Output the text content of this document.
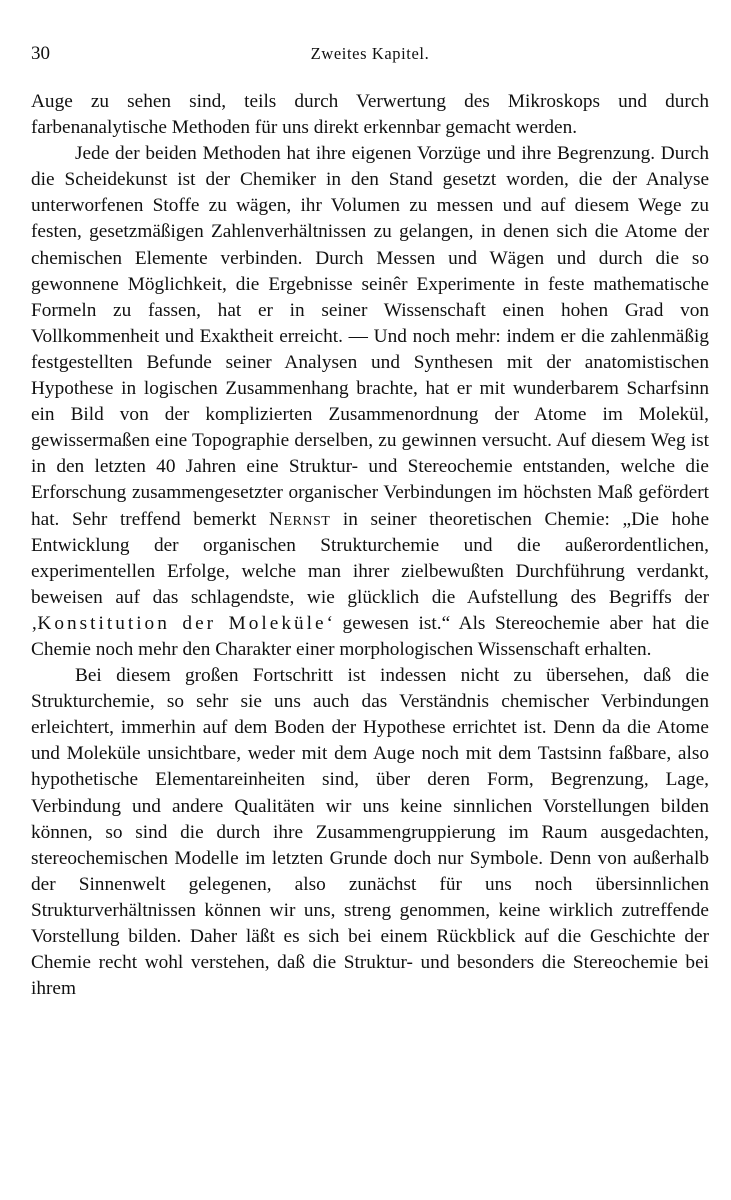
30	Zweites Kapitel.

Auge zu sehen sind, teils durch Verwertung des Mikroskops und durch farbenanalytische Methoden für uns direkt erkennbar gemacht werden.

Jede der beiden Methoden hat ihre eigenen Vorzüge und ihre Begrenzung. Durch die Scheidekunst ist der Chemiker in den Stand gesetzt worden, die der Analyse unterworfenen Stoffe zu wägen, ihr Volumen zu messen und auf diesem Wege zu festen, gesetzmäßigen Zahlenverhältnissen zu gelangen, in denen sich die Atome der chemischen Elemente verbinden. Durch Messen und Wägen und durch die so gewonnene Möglichkeit, die Ergebnisse seinêr Experimente in feste mathematische Formeln zu fassen, hat er in seiner Wissenschaft einen hohen Grad von Vollkommenheit und Exaktheit erreicht. — Und noch mehr: indem er die zahlenmäßig festgestellten Befunde seiner Analysen und Synthesen mit der anatomistischen Hypothese in logischen Zusammenhang brachte, hat er mit wunderbarem Scharfsinn ein Bild von der komplizierten Zusammenordnung der Atome im Molekül, gewissermaßen eine Topographie derselben, zu gewinnen versucht. Auf diesem Weg ist in den letzten 40 Jahren eine Struktur- und Stereochemie entstanden, welche die Erforschung zusammengesetzter organischer Verbindungen im höchsten Maß gefördert hat. Sehr treffend bemerkt Nernst in seiner theoretischen Chemie: „Die hohe Entwicklung der organischen Strukturchemie und die außerordentlichen, experimentellen Erfolge, welche man ihrer zielbewußten Durchführung verdankt, beweisen auf das schlagendste, wie glücklich die Aufstellung des Begriffs der ‚Konstitution der Moleküle‘ gewesen ist.“ Als Stereochemie aber hat die Chemie noch mehr den Charakter einer morphologischen Wissenschaft erhalten.

Bei diesem großen Fortschritt ist indessen nicht zu übersehen, daß die Strukturchemie, so sehr sie uns auch das Verständnis chemischer Verbindungen erleichtert, immerhin auf dem Boden der Hypothese errichtet ist. Denn da die Atome und Moleküle unsichtbare, weder mit dem Auge noch mit dem Tastsinn faßbare, also hypothetische Elementareinheiten sind, über deren Form, Begrenzung, Lage, Verbindung und andere Qualitäten wir uns keine sinnlichen Vorstellungen bilden können, so sind die durch ihre Zusammengruppierung im Raum ausgedachten, stereochemischen Modelle im letzten Grunde doch nur Symbole. Denn von außerhalb der Sinnenwelt gelegenen, also zunächst für uns noch übersinnlichen Strukturverhältnissen können wir uns, streng genommen, keine wirklich zutreffende Vorstellung bilden. Daher läßt es sich bei einem Rückblick auf die Geschichte der Chemie recht wohl verstehen, daß die Struktur- und besonders die Stereochemie bei ihrem
